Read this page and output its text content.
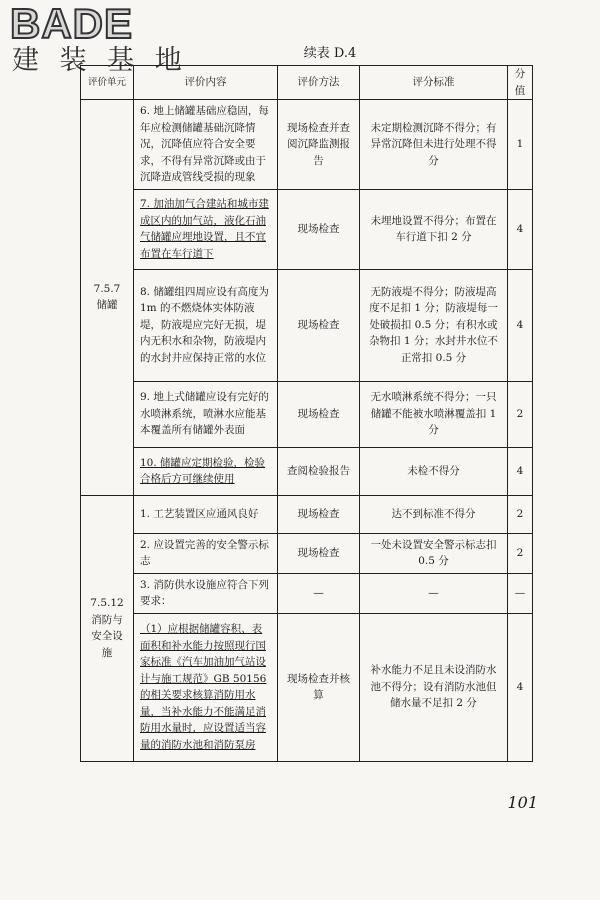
BADE
建 装 基 地	续表 D.4
评价单元	评价内容	评价方法	评分标准	分值
7.5.7 储罐	6. 地上储罐基础应稳固，每年应检测储罐基础沉降情况，沉降值应符合安全要求，不得有异常沉降或由于沉降造成管线受损的现象	现场检查并查阅沉降监测报告	未定期检测沉降不得分；有异常沉降但未进行处理不得分	1
	7. 加油加气合建站和城市建成区内的加气站，液化石油气储罐应埋地设置，且不宜布置在车行道下	现场检查	未埋地设置不得分；布置在车行道下扣 2 分	4
	8. 储罐组四周应设有高度为 1m 的不燃烧体实体防液堤，防液堤应完好无损，堤内无积水和杂物，防液堤内的水封井应保持正常的水位	现场检查	无防液堤不得分；防液堤高度不足扣 1 分；防液堤每一处破损扣 0.5 分；有积水或杂物扣 1 分；水封井水位不正常扣 0.5 分	4
	9. 地上式储罐应设有完好的水喷淋系统，喷淋水应能基本覆盖所有储罐外表面	现场检查	无水喷淋系统不得分；一只储罐不能被水喷淋覆盖扣 1 分	2
	10. 储罐应定期检验，检验合格后方可继续使用	查阅检验报告	未检不得分	4
7.5.12 消防与安全设施	1. 工艺装置区应通风良好	现场检查	达不到标准不得分	2
	2. 应设置完善的安全警示标志	现场检查	一处未设置安全警示标志扣 0.5 分	2
	3. 消防供水设施应符合下列要求：	—	—	—
	（1）应根据储罐容积、表面积和补水能力按照现行国家标准《汽车加油加气站设计与施工规范》GB 50156 的相关要求核算消防用水量，当补水能力不能满足消防用水量时，应设置适当容量的消防水池和消防泵房	现场检查并核算	补水能力不足且未设消防水池不得分；设有消防水池但储水量不足扣 2 分	4
101
